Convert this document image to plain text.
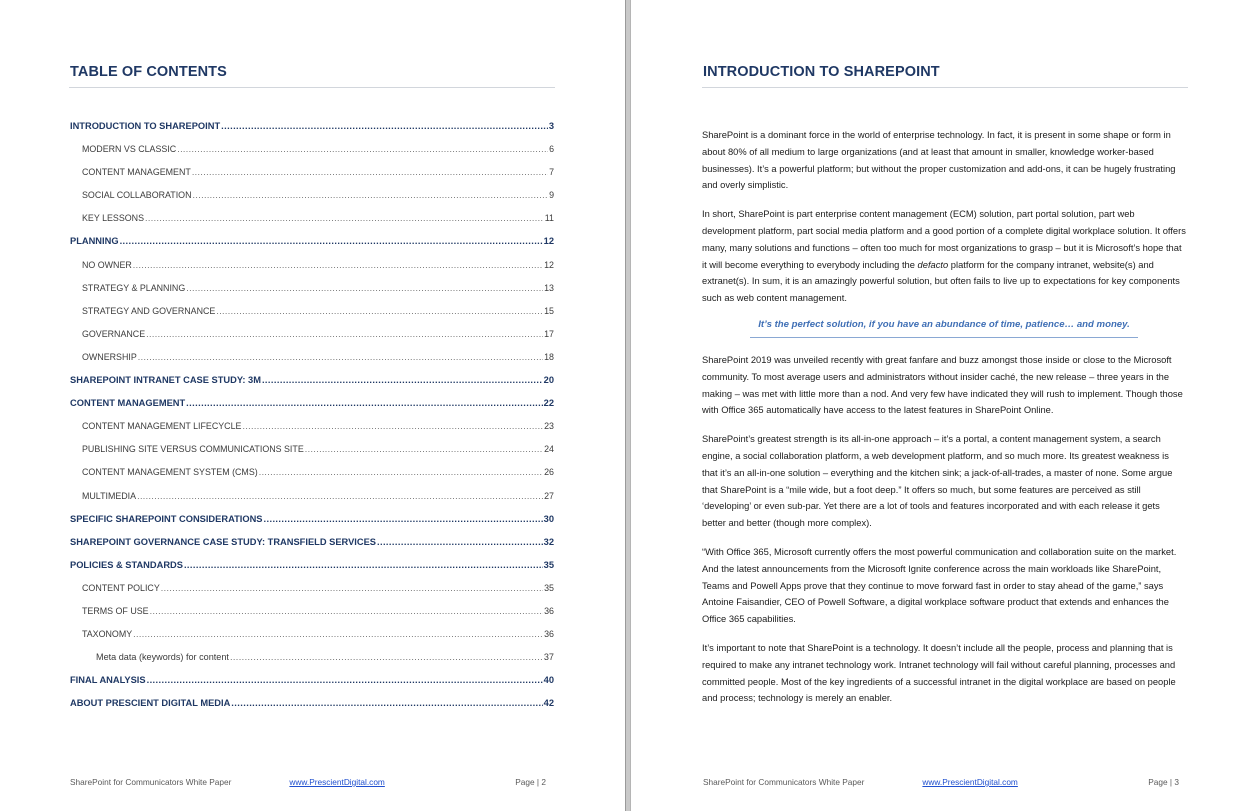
TABLE OF CONTENTS
INTRODUCTION TO SHAREPOINT .....	3
MODERN VS CLASSIC .....	6
CONTENT MANAGEMENT .....	7
SOCIAL COLLABORATION .....	9
KEY LESSONS .....	11
PLANNING .....	12
NO OWNER .....	12
STRATEGY & PLANNING .....	13
STRATEGY AND GOVERNANCE .....	15
GOVERNANCE .....	17
OWNERSHIP .....	18
SHAREPOINT INTRANET CASE STUDY: 3M .....	20
CONTENT MANAGEMENT .....	22
CONTENT MANAGEMENT LIFECYCLE .....	23
PUBLISHING SITE VERSUS COMMUNICATIONS SITE .....	24
CONTENT MANAGEMENT SYSTEM (CMS) .....	26
MULTIMEDIA .....	27
SPECIFIC SHAREPOINT CONSIDERATIONS .....	30
SHAREPOINT GOVERNANCE CASE STUDY: TRANSFIELD SERVICES .....	32
POLICIES & STANDARDS .....	35
CONTENT POLICY .....	35
TERMS OF USE .....	36
TAXONOMY .....	36
Meta data (keywords) for content .....	37
FINAL ANALYSIS .....	40
ABOUT PRESCIENT DIGITAL MEDIA .....	42
SharePoint for Communicators White Paper	www.PrescientDigital.com	Page | 2
INTRODUCTION TO SHAREPOINT
SharePoint for Communicators White Paper	www.PrescientDigital.com	Page | 3

SharePoint is a dominant force in the world of enterprise technology. In fact, it is present in some shape or form in about 80% of all medium to large organizations (and at least that amount in smaller, knowledge worker-based businesses). It’s a powerful platform; but without the proper customization and add-ons, it can be hugely frustrating and overly simplistic.

In short, SharePoint is part enterprise content management (ECM) solution, part portal solution, part web development platform, part social media platform and a good portion of a complete digital workplace solution. It offers many, many solutions and functions – often too much for most organizations to grasp – but it is Microsoft’s hope that it will become everything to everybody including the defacto platform for the company intranet, website(s) and extranet(s). In sum, it is an amazingly powerful solution, but often fails to live up to expectations for key components such as web content management.

It’s the perfect solution, if you have an abundance of time, patience… and money.

SharePoint 2019 was unveiled recently with great fanfare and buzz amongst those inside or close to the Microsoft community. To most average users and administrators without insider caché, the new release – three years in the making – was met with little more than a nod. And very few have indicated they will rush to implement. Though those with Office 365 automatically have access to the latest features in SharePoint Online.

SharePoint’s greatest strength is its all-in-one approach – it’s a portal, a content management system, a search engine, a social collaboration platform, a web development platform, and so much more. Its greatest weakness is that it’s an all-in-one solution – everything and the kitchen sink; a jack-of-all-trades, a master of none. Some argue that SharePoint is a “mile wide, but a foot deep.” It offers so much, but some features are perceived as still ‘developing’ or even sub-par. Yet there are a lot of tools and features incorporated and with each release it gets better and better (though more complex).

“With Office 365, Microsoft currently offers the most powerful communication and collaboration suite on the market. And the latest announcements from the Microsoft Ignite conference across the main workloads like SharePoint, Teams and Powell Apps prove that they continue to move forward fast in order to stay ahead of the game,” says Antoine Faisandier, CEO of Powell Software, a digital workplace software product that extends and enhances the Office 365 capabilities.

It’s important to note that SharePoint is a technology. It doesn’t include all the people, process and planning that is required to make any intranet technology work. Intranet technology will fail without careful planning, processes and committed people. Most of the key ingredients of a successful intranet in the digital workplace are based on people and process; technology is merely an enabler.
